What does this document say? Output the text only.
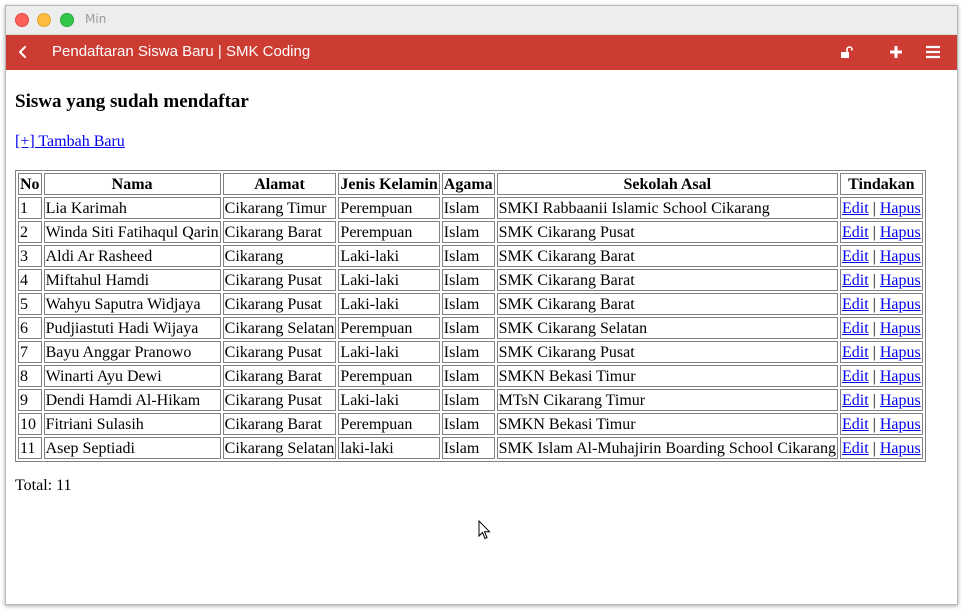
Min
Pendaftaran Siswa Baru | SMK Coding
Siswa yang sudah mendaftar
[+] Tambah Baru
No	Nama	Alamat	Jenis Kelamin	Agama	Sekolah Asal	Tindakan
1	Lia Karimah	Cikarang Timur	Perempuan	Islam	SMKI Rabbaanii Islamic School Cikarang	Edit | Hapus
2	Winda Siti Fatihaqul Qarin	Cikarang Barat	Perempuan	Islam	SMK Cikarang Pusat	Edit | Hapus
3	Aldi Ar Rasheed	Cikarang	Laki-laki	Islam	SMK Cikarang Barat	Edit | Hapus
4	Miftahul Hamdi	Cikarang Pusat	Laki-laki	Islam	SMK Cikarang Barat	Edit | Hapus
5	Wahyu Saputra Widjaya	Cikarang Pusat	Laki-laki	Islam	SMK Cikarang Barat	Edit | Hapus
6	Pudjiastuti Hadi Wijaya	Cikarang Selatan	Perempuan	Islam	SMK Cikarang Selatan	Edit | Hapus
7	Bayu Anggar Pranowo	Cikarang Pusat	Laki-laki	Islam	SMK Cikarang Pusat	Edit | Hapus
8	Winarti Ayu Dewi	Cikarang Barat	Perempuan	Islam	SMKN Bekasi Timur	Edit | Hapus
9	Dendi Hamdi Al-Hikam	Cikarang Pusat	Laki-laki	Islam	MTsN Cikarang Timur	Edit | Hapus
10	Fitriani Sulasih	Cikarang Barat	Perempuan	Islam	SMKN Bekasi Timur	Edit | Hapus
11	Asep Septiadi	Cikarang Selatan	laki-laki	Islam	SMK Islam Al-Muhajirin Boarding School Cikarang	Edit | Hapus
Total: 11
